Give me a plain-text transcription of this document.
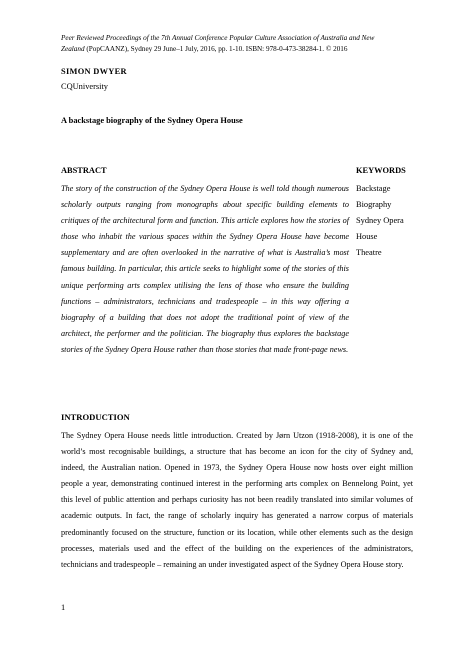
Peer Reviewed Proceedings of the 7th Annual Conference Popular Culture Association of Australia and New
Zealand (PopCAANZ), Sydney 29 June–1 July, 2016, pp. 1-10. ISBN: 978-0-473-38284-1. © 2016
SIMON DWYER
CQUniversity
A backstage biography of the Sydney Opera House
ABSTRACT
The story of the construction of the Sydney Opera House is well told though numerous scholarly outputs ranging from monographs about specific building elements to critiques of the architectural form and function. This article explores how the stories of those who inhabit the various spaces within the Sydney Opera House have become supplementary and are often overlooked in the narrative of what is Australia’s most famous building. In particular, this article seeks to highlight some of the stories of this unique performing arts complex utilising the lens of those who ensure the building functions – administrators, technicians and tradespeople – in this way offering a biography of a building that does not adopt the traditional point of view of the architect, the performer and the politician. The biography thus explores the backstage stories of the Sydney Opera House rather than those stories that made front-page news.
KEYWORDS
Backstage
Biography
Sydney Opera
House
Theatre
INTRODUCTION
The Sydney Opera House needs little introduction. Created by Jørn Utzon (1918-2008), it is one of the world’s most recognisable buildings, a structure that has become an icon for the city of Sydney and, indeed, the Australian nation. Opened in 1973, the Sydney Opera House now hosts over eight million people a year, demonstrating continued interest in the performing arts complex on Bennelong Point, yet this level of public attention and perhaps curiosity has not been readily translated into similar volumes of academic outputs. In fact, the range of scholarly inquiry has generated a narrow corpus of materials predominantly focused on the structure, function or its location, while other elements such as the design processes, materials used and the effect of the building on the experiences of the administrators, technicians and tradespeople – remaining an under investigated aspect of the Sydney Opera House story.
1
